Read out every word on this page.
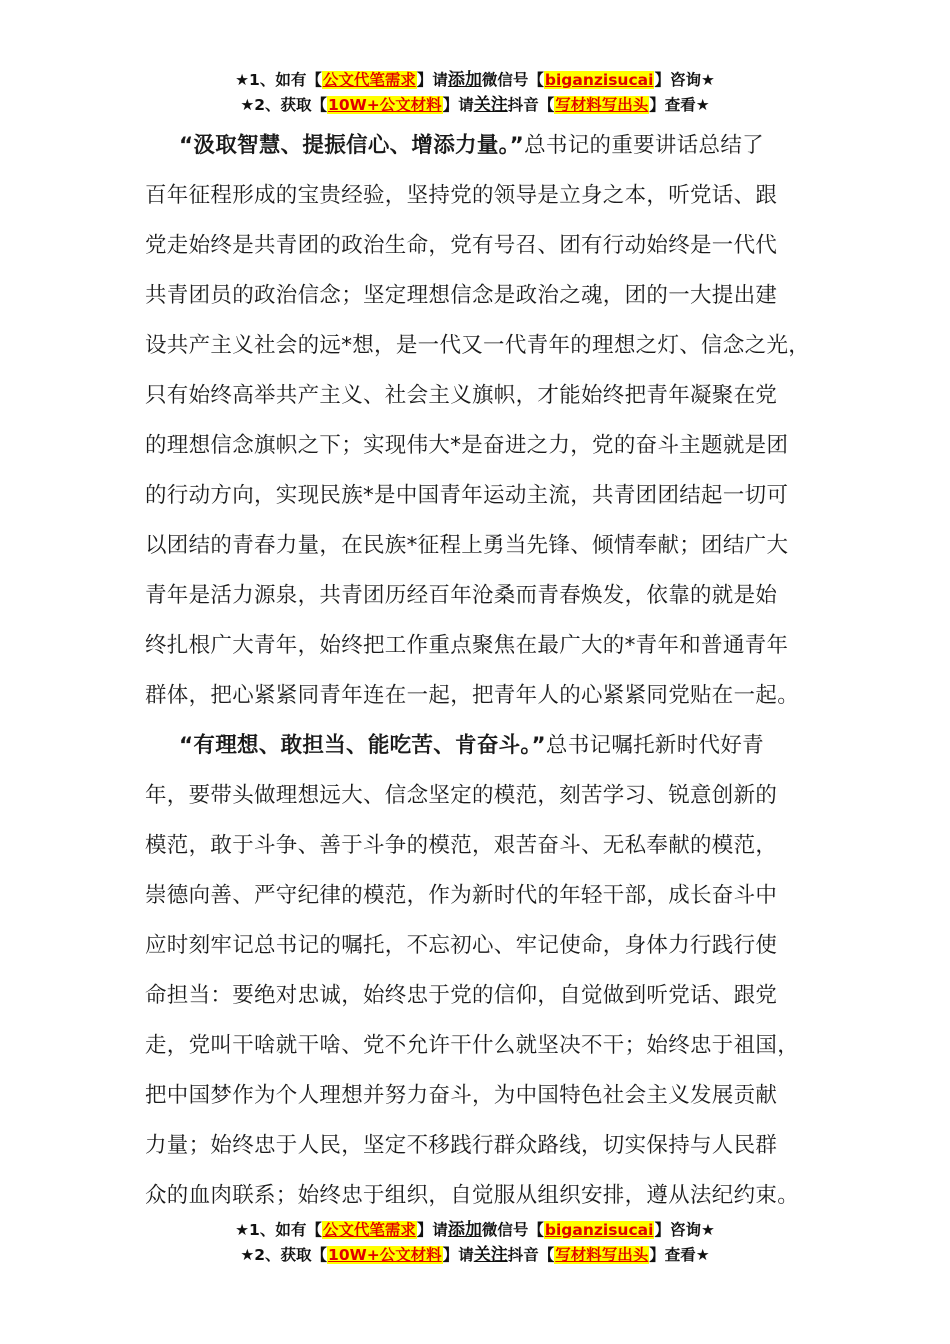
★1、如有【公文代笔需求】请添加微信号【biganzisucai】咨询★
★2、获取【10W+公文材料】请关注抖音【写材料写出头】查看★
“汲取智慧、提振信心、增添力量。”总书记的重要讲话总结了
百年征程形成的宝贵经验，坚持党的领导是立身之本，听党话、跟
党走始终是共青团的政治生命，党有号召、团有行动始终是一代代
共青团员的政治信念；坚定理想信念是政治之魂，团的一大提出建
设共产主义社会的远*想，是一代又一代青年的理想之灯、信念之光，
只有始终高举共产主义、社会主义旗帜，才能始终把青年凝聚在党
的理想信念旗帜之下；实现伟大*是奋进之力，党的奋斗主题就是团
的行动方向，实现民族*是中国青年运动主流，共青团团结起一切可
以团结的青春力量，在民族*征程上勇当先锋、倾情奉献；团结广大
青年是活力源泉，共青团历经百年沧桑而青春焕发，依靠的就是始
终扎根广大青年，始终把工作重点聚焦在最广大的*青年和普通青年
群体，把心紧紧同青年连在一起，把青年人的心紧紧同党贴在一起。
“有理想、敢担当、能吃苦、肯奋斗。”总书记嘱托新时代好青
年，要带头做理想远大、信念坚定的模范，刻苦学习、锐意创新的
模范，敢于斗争、善于斗争的模范，艰苦奋斗、无私奉献的模范，
崇德向善、严守纪律的模范，作为新时代的年轻干部，成长奋斗中
应时刻牢记总书记的嘱托，不忘初心、牢记使命，身体力行践行使
命担当：要绝对忠诚，始终忠于党的信仰，自觉做到听党话、跟党
走，党叫干啥就干啥、党不允许干什么就坚决不干；始终忠于祖国，
把中国梦作为个人理想并努力奋斗，为中国特色社会主义发展贡献
力量；始终忠于人民，坚定不移践行群众路线，切实保持与人民群
众的血肉联系；始终忠于组织，自觉服从组织安排，遵从法纪约束。
★1、如有【公文代笔需求】请添加微信号【biganzisucai】咨询★
★2、获取【10W+公文材料】请关注抖音【写材料写出头】查看★
